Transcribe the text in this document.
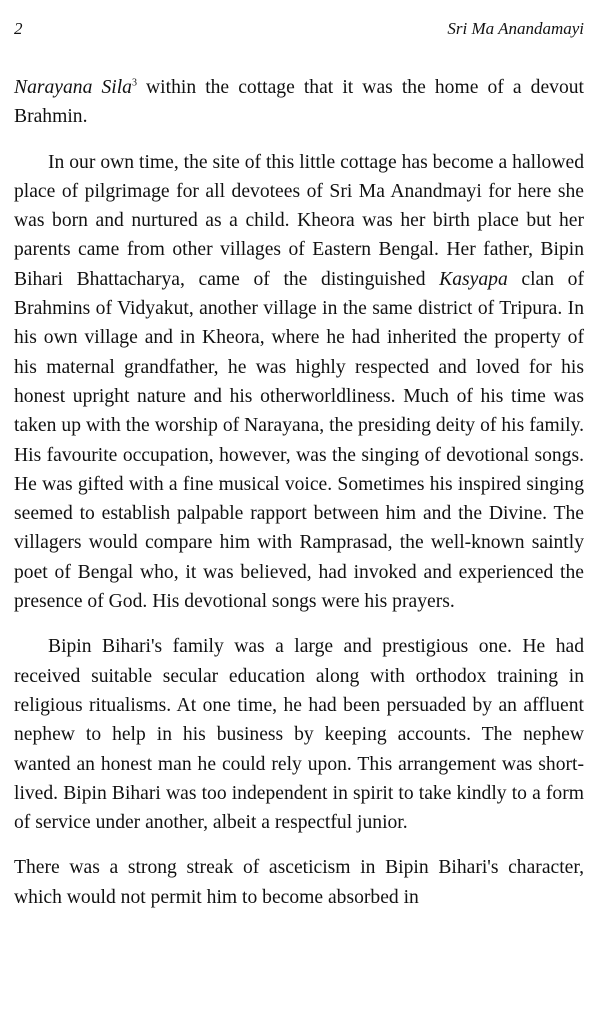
2	Sri Ma Anandamayi

Narayana Sila$^3$ within the cottage that it was the home of a devout Brahmin.

In our own time, the site of this little cottage has become a hallowed place of pilgrimage for all devotees of Sri Ma Anandmayi for here she was born and nurtured as a child. Kheora was her birth place but her parents came from other villages of Eastern Bengal. Her father, Bipin Bihari Bhattacharya, came of the distinguished Kasyapa clan of Brahmins of Vidyakut, another village in the same district of Tripura. In his own village and in Kheora, where he had inherited the property of his maternal grandfather, he was highly respected and loved for his honest upright nature and his otherworldliness. Much of his time was taken up with the worship of Narayana, the presiding deity of his family. His favourite occupation, however, was the singing of devotional songs. He was gifted with a fine musical voice. Sometimes his inspired singing seemed to establish palpable rapport between him and the Divine. The villagers would compare him with Ramprasad, the well-known saintly poet of Bengal who, it was believed, had invoked and experienced the presence of God. His devotional songs were his prayers.

Bipin Bihari's family was a large and prestigious one. He had received suitable secular education along with orthodox training in religious ritualisms. At one time, he had been persuaded by an affluent nephew to help in his business by keeping accounts. The nephew wanted an honest man he could rely upon. This arrangement was short-lived. Bipin Bihari was too independent in spirit to take kindly to a form of service under another, albeit a respectful junior.

There was a strong streak of asceticism in Bipin Bihari's character, which would not permit him to become absorbed in
